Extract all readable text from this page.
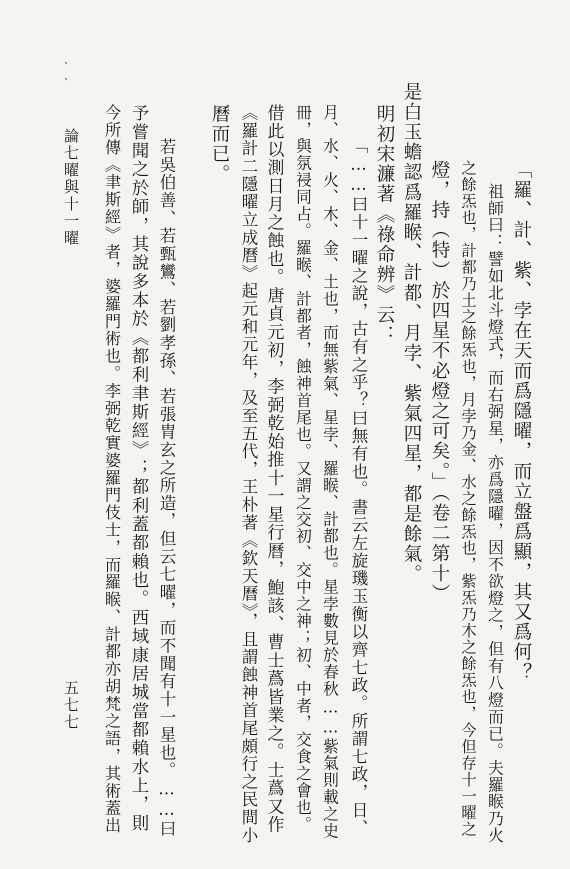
‵‵
論七曜與十一曜
五七七
「羅、計、紫、孛在天而爲隱曜，而立盤爲顯，其又爲何？
祖師曰：譬如北斗燈式，而右弼星，亦爲隱曜，因不欲燈之，但有八燈而已。夫羅睺乃火
之餘炁也，計都乃土之餘炁也，月孛乃金、水之餘炁也，紫炁乃木之餘炁也，今但存十一曜之
燈，持（特）於四星不必燈之可矣。」（卷二第十）
是白玉蟾認爲羅睺、計都、月孛、紫氣四星，都是餘氣。
明初宋濂著《祿命辨》云：
「……曰十一曜之說，古有之乎？曰無有也。書云左旋璣玉衡以齊七政。所謂七政，日、
月、水、火、木、金、土也，而無紫氣、星孛、羅睺、計都也。星孛數見於春秋……紫氣則載之史
冊，與氛祲同占。羅睺、計都者，蝕神首尾也。又謂之交初、交中之神；初、中者，交食之會也。
借此以測日月之蝕也。唐貞元初，李弼乾始推十一星行曆，鮑該、曹士蔿皆業之。士蔿又作
《羅計二隱曜立成曆》起元和元年，及至五代，王朴著《欽天曆》，且謂蝕神首尾頗行之民間小
曆而已。
若吳伯善、若甄鸞、若劉孝孫、若張胄玄之所造，但云七曜，而不聞有十一星也。……曰
予嘗聞之於師，其說多本於《都利聿斯經》；都利蓋都賴也。西域康居城當都賴水上，則
今所傳《聿斯經》者，婆羅門術也。李弼乾實婆羅門伎士，而羅睺、計都亦胡梵之語，其術蓋出
